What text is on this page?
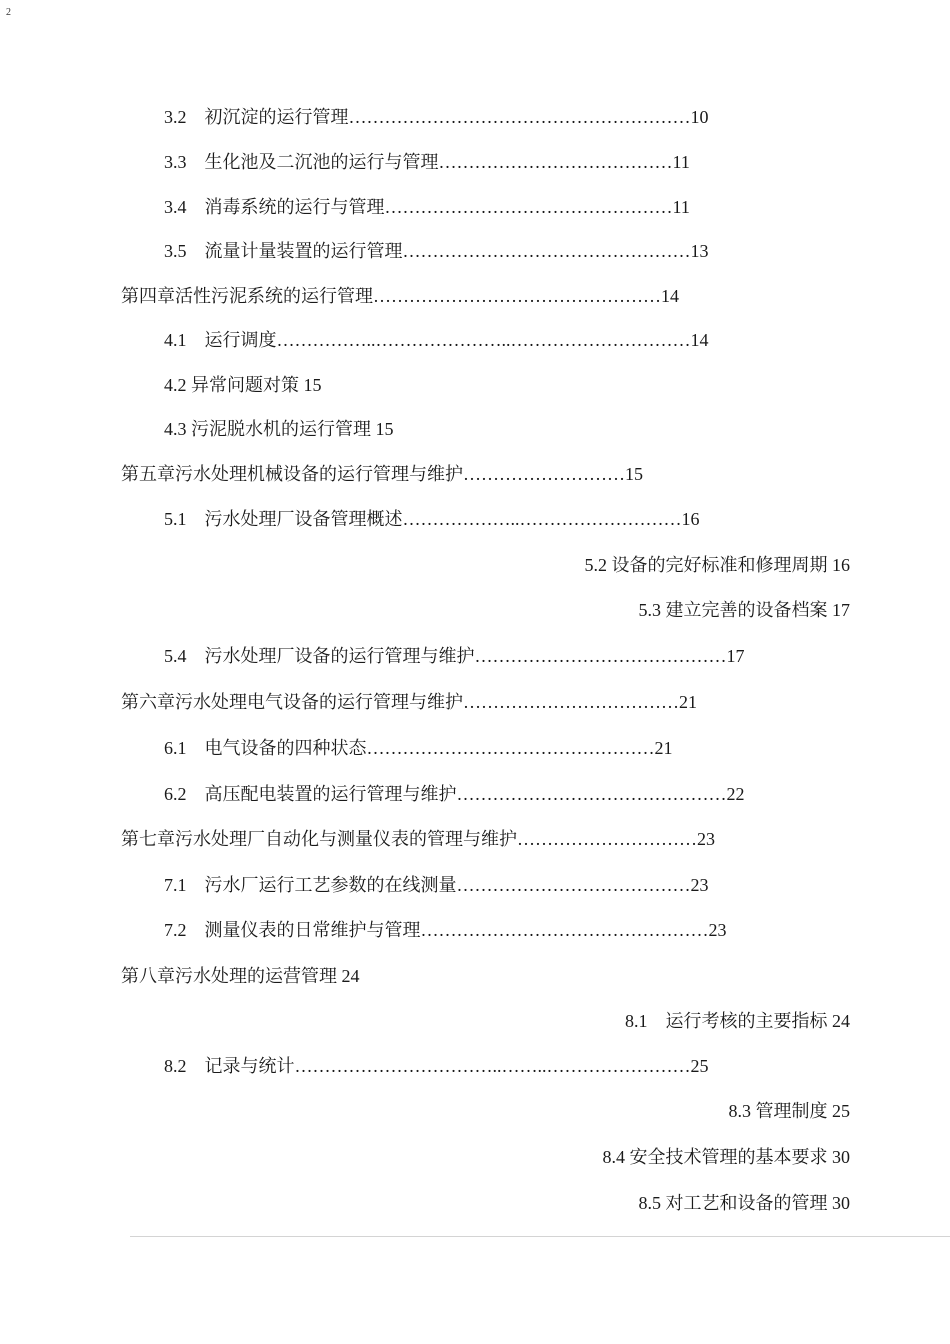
2
3.2　初沉淀的运行管理…………………………………………………10
3.3　生化池及二沉池的运行与管理…………………………………11
3.4　消毒系统的运行与管理…………………………………………11
3.5　流量计量装置的运行管理…………………………………………13
第四章活性污泥系统的运行管理…………………………………………14
4.1　运行调度……………..…………………..…………………………14
4.2 异常问题对策 15
4.3 污泥脱水机的运行管理 15
第五章污水处理机械设备的运行管理与维护………………………15
5.1　污水处理厂设备管理概述………………..………………………16
5.2 设备的完好标准和修理周期 16
5.3 建立完善的设备档案 17
5.4　污水处理厂设备的运行管理与维护……………………………………17
第六章污水处理电气设备的运行管理与维护………………………………21
6.1　电气设备的四种状态…………………………………………21
6.2　高压配电装置的运行管理与维护………………………………………22
第七章污水处理厂自动化与测量仪表的管理与维护…………………………23
7.1　污水厂运行工艺参数的在线测量…………………………………23
7.2　测量仪表的日常维护与管理…………………………………………23
第八章污水处理的运营管理 24
8.1　运行考核的主要指标 24
8.2　记录与统计……………………………..……..……………………25
8.3 管理制度 25
8.4 安全技术管理的基本要求 30
8.5 对工艺和设备的管理 30
